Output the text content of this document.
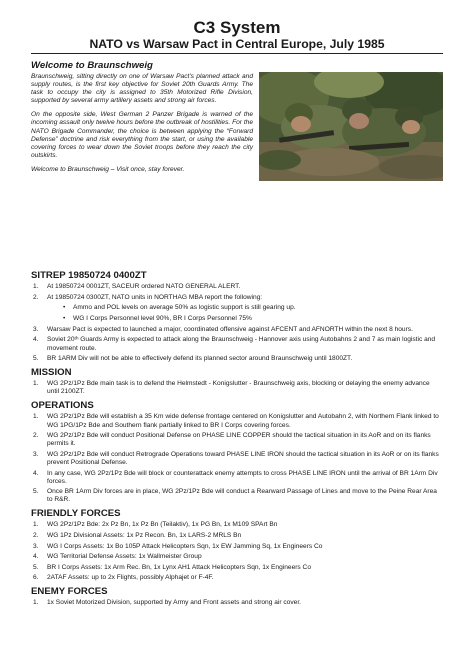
C3 System
NATO vs Warsaw Pact in Central Europe, July 1985
Welcome to Braunschweig

Braunschweig, sitting directly on one of Warsaw Pact’s planned attack and supply routes, is the first key objective for Soviet 20th Guards Army. The task to occupy the city is assigned to 35th Motorized Rifle Division, supported by several army artillery assets and strong air forces.

On the opposite side, West German 2 Panzer Brigade is warned of the incoming assault only twelve hours before the outbreak of hostilities. For the NATO Brigade Commander, the choice is between applying the “Forward Defense” doctrine and risk everything from the start, or using the available covering forces to wear down the Soviet troops before they reach the city outskirts.

Welcome to Braunschweig – Visit once, stay forever.

SITREP 19850724 0400ZT
1. At 19850724 0001ZT, SACEUR ordered NATO GENERAL ALERT.
2. At 19850724 0300ZT, NATO units in NORTHAG MBA report the following:
• Ammo and POL levels on average 50% as logistic support is still gearing up.
• WG I Corps Personnel level 90%, BR I Corps Personnel 75%
3. Warsaw Pact is expected to launched a major, coordinated offensive against AFCENT and AFNORTH within the next 8 hours.
4. Soviet 20ᵗʰ Guards Army is expected to attack along the Braunschweig - Hannover axis using Autobahns 2 and 7 as main logistic and movement route.
5. BR 1ARM Div will not be able to effectively defend its planned sector around Braunschweig until 1800ZT.
MISSION
1. WG 2Pz/1Pz Bde main task is to defend the Helmstedt - Konigslutter - Braunschweig axis, blocking or delaying the enemy advance until 2100ZT.
OPERATIONS
1. WG 2Pz/1Pz Bde will establish a 35 Km wide defense frontage centered on Konigslutter and Autobahn 2, with Northern Flank linked to WG 1PG/1Pz Bde and Southern flank partially linked to BR I Corps covering forces.
2. WG 2Pz/1Pz Bde will conduct Positional Defense on PHASE LINE COPPER should the tactical situation in its AoR and on its flanks permits it.
3. WG 2Pz/1Pz Bde will conduct Retrograde Operations toward PHASE LINE IRON should the tactical situation in its AoR or on its flanks prevent Positional Defense.
4. In any case, WG 2Pz/1Pz Bde will block or counterattack enemy attempts to cross PHASE LINE IRON until the arrival of BR 1Arm Div forces.
5. Once BR 1Arm Div forces are in place, WG 2Pz/1Pz Bde will conduct a Rearward Passage of Lines and move to the Peine Rear Area to R&R.
FRIENDLY FORCES
1. WG 2Pz/1Pz Bde: 2x Pz Bn, 1x Pz Bn (Teilaktiv), 1x PG Bn, 1x M109 SPArt Bn
2. WG 1Pz Divisional Assets: 1x Pz Recon. Bn, 1x LARS-2 MRLS Bn
3. WG I Corps Assets: 1x Bo 105P Attack Helicopters Sqn, 1x EW Jamming Sq, 1x Engineers Co
4. WG Territorial Defense Assets: 1x Wallmeister Group
5. BR I Corps Assets: 1x Arm Rec. Bn, 1x Lynx AH1 Attack Helicopters Sqn, 1x Engineers Co
6. 2ATAF Assets: up to 2x Flights, possibly Alphajet or F-4F.
ENEMY FORCES
1. 1x Soviet Motorized Division, supported by Army and Front assets and strong air cover.
